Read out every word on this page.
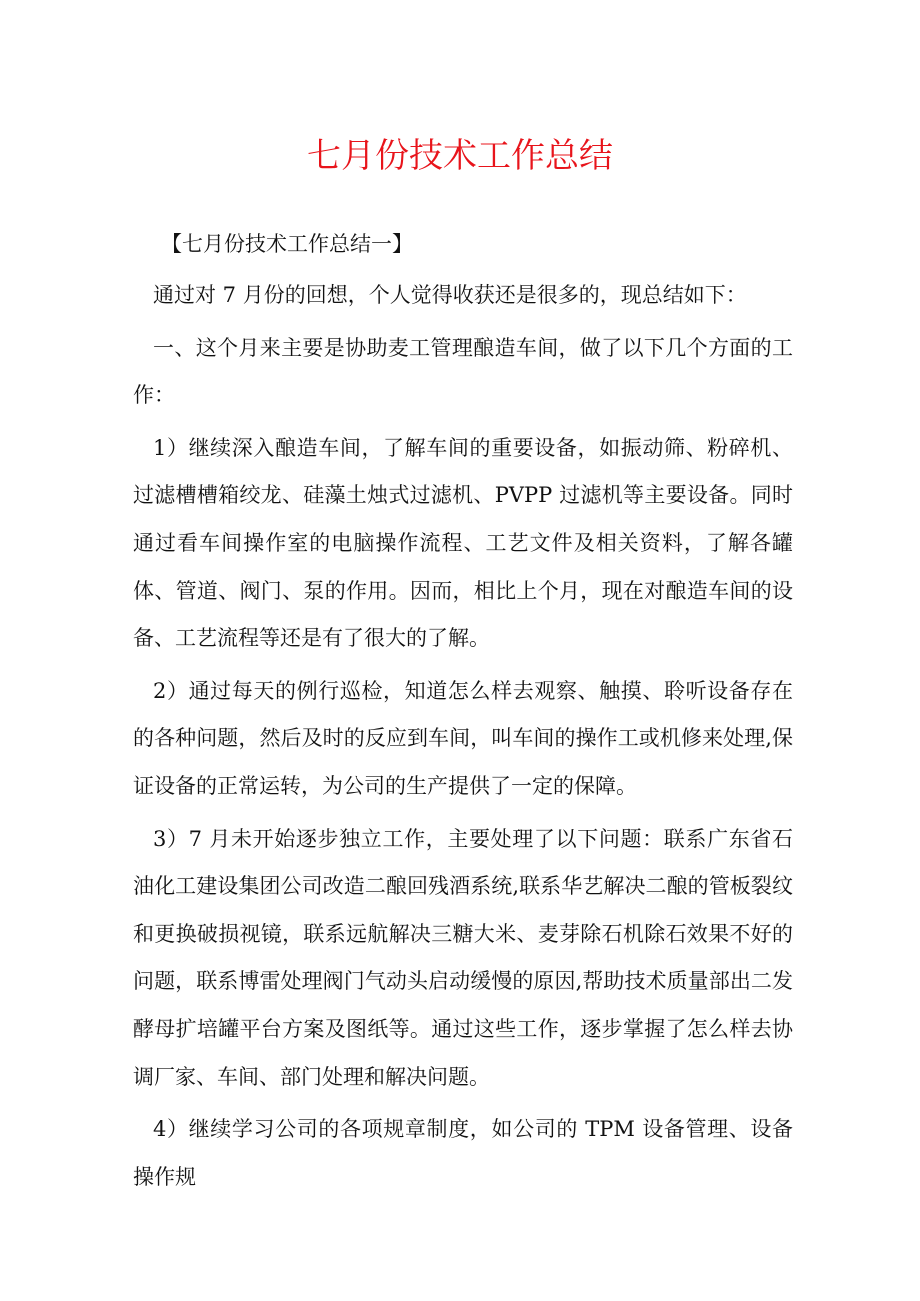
七月份技术工作总结
【七月份技术工作总结一】

通过对 7 月份的回想，个人觉得收获还是很多的，现总结如下：

一、这个月来主要是协助麦工管理酿造车间，做了以下几个方面的工作：

1）继续深入酿造车间，了解车间的重要设备，如振动筛、粉碎机、过滤槽槽箱绞龙、硅藻土烛式过滤机、PVPP 过滤机等主要设备。同时通过看车间操作室的电脑操作流程、工艺文件及相关资料，了解各罐体、管道、阀门、泵的作用。因而，相比上个月，现在对酿造车间的设备、工艺流程等还是有了很大的了解。

2）通过每天的例行巡检，知道怎么样去观察、触摸、聆听设备存在的各种问题，然后及时的反应到车间，叫车间的操作工或机修来处理,保证设备的正常运转，为公司的生产提供了一定的保障。

3）7 月未开始逐步独立工作，主要处理了以下问题：联系广东省石油化工建设集团公司改造二酿回残酒系统,联系华艺解决二酿的管板裂纹和更换破损视镜，联系远航解决三糖大米、麦芽除石机除石效果不好的问题，联系博雷处理阀门气动头启动缓慢的原因,帮助技术质量部出二发酵母扩培罐平台方案及图纸等。通过这些工作，逐步掌握了怎么样去协调厂家、车间、部门处理和解决问题。

4）继续学习公司的各项规章制度，如公司的 TPM 设备管理、设备操作规
